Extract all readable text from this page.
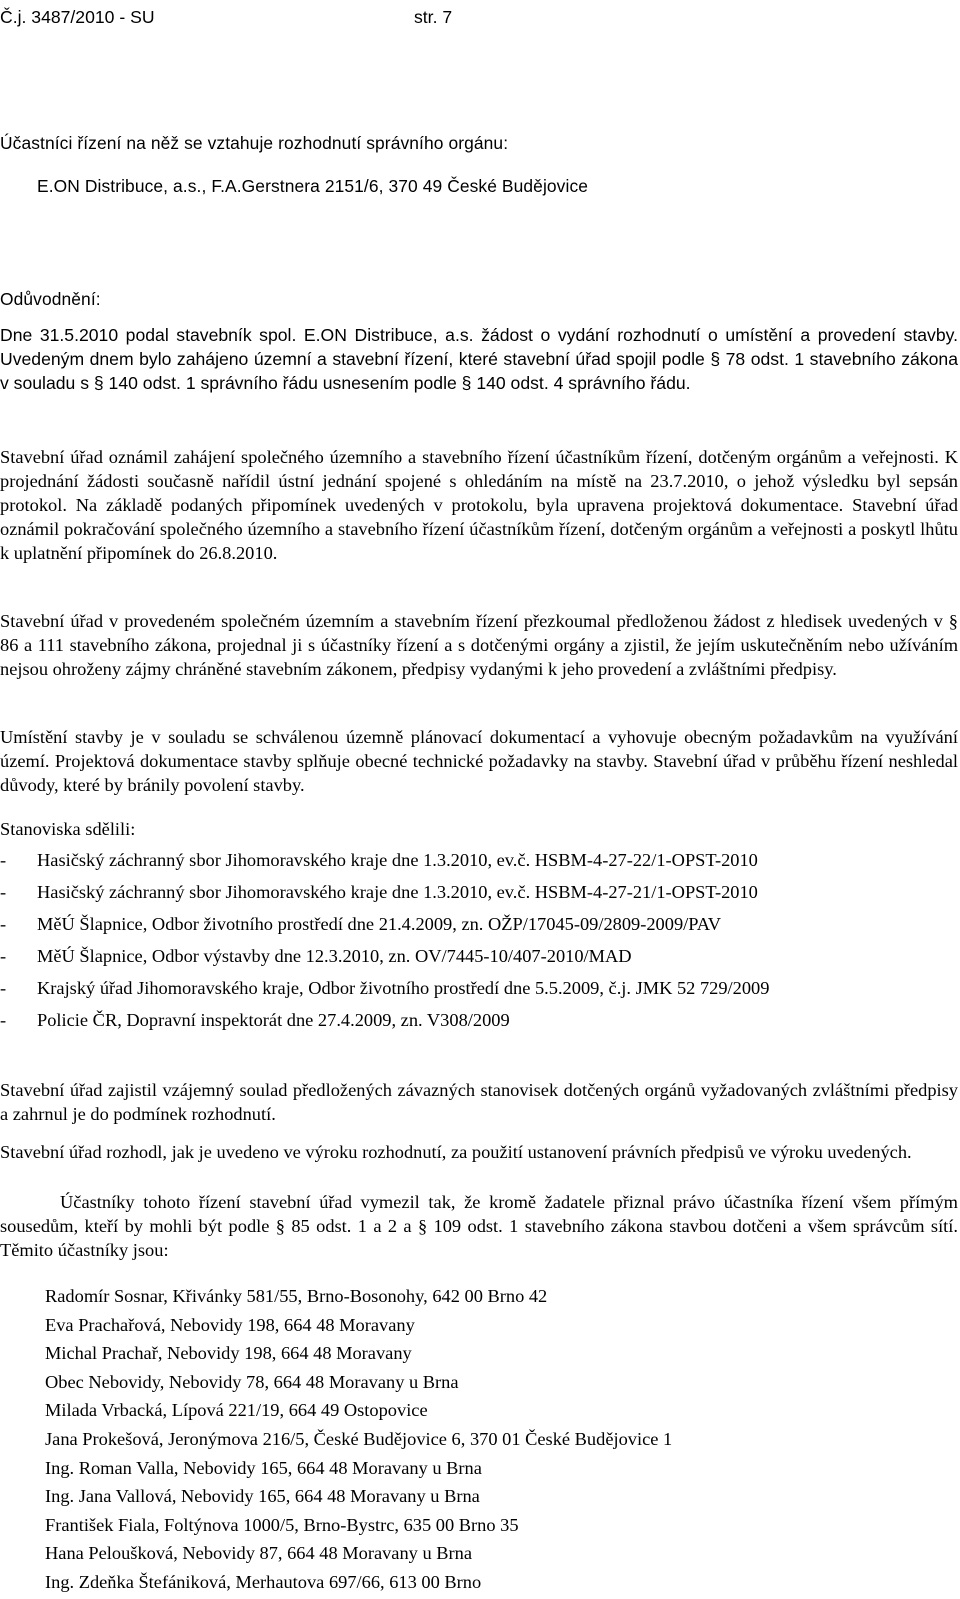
Č.j. 3487/2010 - SU	str. 7
Účastníci řízení na něž se vztahuje rozhodnutí správního orgánu:
E.ON Distribuce, a.s., F.A.Gerstnera 2151/6, 370 49 České Budějovice
Odůvodnění:

Dne 31.5.2010 podal stavebník spol. E.ON Distribuce, a.s. žádost o vydání rozhodnutí o umístění a provedení stavby. Uvedeným dnem bylo zahájeno územní a stavební řízení, které stavební úřad spojil podle § 78 odst. 1 stavebního zákona v souladu s § 140 odst. 1 správního řádu usnesením podle § 140 odst. 4 správního řádu.

Stavební úřad oznámil zahájení společného územního a stavebního řízení účastníkům řízení, dotčeným orgánům a veřejnosti. K projednání žádosti současně nařídil ústní jednání spojené s ohledáním na místě na 23.7.2010, o jehož výsledku byl sepsán protokol. Na základě podaných připomínek uvedených v protokolu, byla upravena projektová dokumentace. Stavební úřad oznámil pokračování společného územního a stavebního řízení účastníkům řízení, dotčeným orgánům a veřejnosti a poskytl lhůtu k uplatnění připomínek do 26.8.2010.

Stavební úřad v provedeném společném územním a stavebním řízení přezkoumal předloženou žádost z hledisek uvedených v § 86 a 111 stavebního zákona, projednal ji s účastníky řízení a s dotčenými orgány a zjistil, že jejím uskutečněním nebo užíváním nejsou ohroženy zájmy chráněné stavebním zákonem, předpisy vydanými k jeho provedení a zvláštními předpisy.

Umístění stavby je v souladu se schválenou územně plánovací dokumentací a vyhovuje obecným požadavkům na využívání území. Projektová dokumentace stavby splňuje obecné technické požadavky na stavby. Stavební úřad v průběhu řízení neshledal důvody, které by bránily povolení stavby.

Stanoviska sdělili:
- Hasičský záchranný sbor Jihomoravského kraje dne 1.3.2010, ev.č. HSBM-4-27-22/1-OPST-2010
- Hasičský záchranný sbor Jihomoravského kraje dne 1.3.2010, ev.č. HSBM-4-27-21/1-OPST-2010
- MěÚ Šlapnice, Odbor životního prostředí dne 21.4.2009, zn. OŽP/17045-09/2809-2009/PAV
- MěÚ Šlapnice, Odbor výstavby dne 12.3.2010, zn. OV/7445-10/407-2010/MAD
- Krajský úřad Jihomoravského kraje, Odbor životního prostředí dne 5.5.2009, č.j. JMK 52 729/2009
- Policie ČR, Dopravní inspektorát dne 27.4.2009, zn. V308/2009

Stavební úřad zajistil vzájemný soulad předložených závazných stanovisek dotčených orgánů vyžadovaných zvláštními předpisy a zahrnul je do podmínek rozhodnutí.

Stavební úřad rozhodl, jak je uvedeno ve výroku rozhodnutí, za použití ustanovení právních předpisů ve výroku uvedených.

Účastníky tohoto řízení stavební úřad vymezil tak, že kromě žadatele přiznal právo účastníka řízení všem přímým sousedům, kteří by mohli být podle § 85 odst. 1 a 2 a § 109 odst. 1 stavebního zákona stavbou dotčeni a všem správcům sítí. Těmito účastníky jsou:

Radomír Sosnar, Křivánky 581/55, Brno-Bosonohy, 642 00 Brno 42
Eva Prachařová, Nebovidy 198, 664 48 Moravany
Michal Prachař, Nebovidy 198, 664 48 Moravany
Obec Nebovidy, Nebovidy 78, 664 48 Moravany u Brna
Milada Vrbacká, Lípová 221/19, 664 49 Ostopovice
Jana Prokešová, Jeronýmova 216/5, České Budějovice 6, 370 01 České Budějovice 1
Ing. Roman Valla, Nebovidy 165, 664 48 Moravany u Brna
Ing. Jana Vallová, Nebovidy 165, 664 48 Moravany u Brna
František Fiala, Foltýnova 1000/5, Brno-Bystrc, 635 00 Brno 35
Hana Peloušková, Nebovidy 87, 664 48 Moravany u Brna
Ing. Zdeňka Štefániková, Merhautova 697/66, 613 00 Brno
